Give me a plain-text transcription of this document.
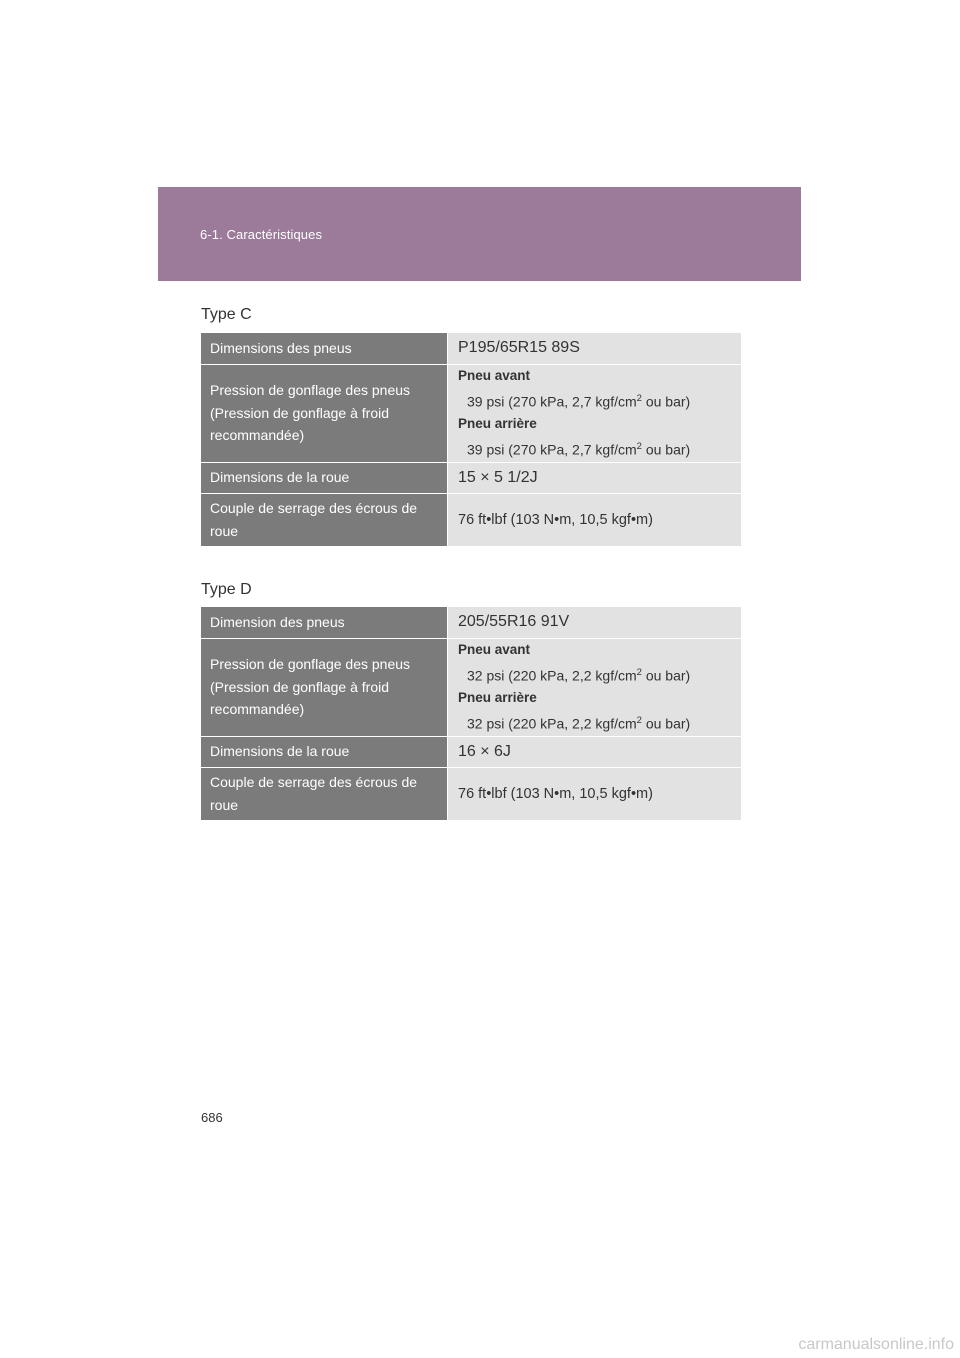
6-1. Caractéristiques
Type C
Dimensions des pneus	P195/65R15 89S
Pression de gonflage des pneus (Pression de gonflage à froid recommandée)	Pneu avant
39 psi (270 kPa, 2,7 kgf/$cm^2$ ou bar)
Pneu arrière
39 psi (270 kPa, 2,7 kgf/$cm^2$ ou bar)

Dimensions de la roue	15 × 5 1/2J
Couple de serrage des écrous de roue	76 ft•lbf (103 N•m, 10,5 kgf•m)
Type D
Dimension des pneus	205/55R16 91V
Pression de gonflage des pneus (Pression de gonflage à froid recommandée)	Pneu avant
32 psi (220 kPa, 2,2 kgf/$cm^2$ ou bar)
Pneu arrière
32 psi (220 kPa, 2,2 kgf/$cm^2$ ou bar)

Dimensions de la roue	16 × 6J
Couple de serrage des écrous de roue	76 ft•lbf (103 N•m, 10,5 kgf•m)
686
carmanualsonline.info
